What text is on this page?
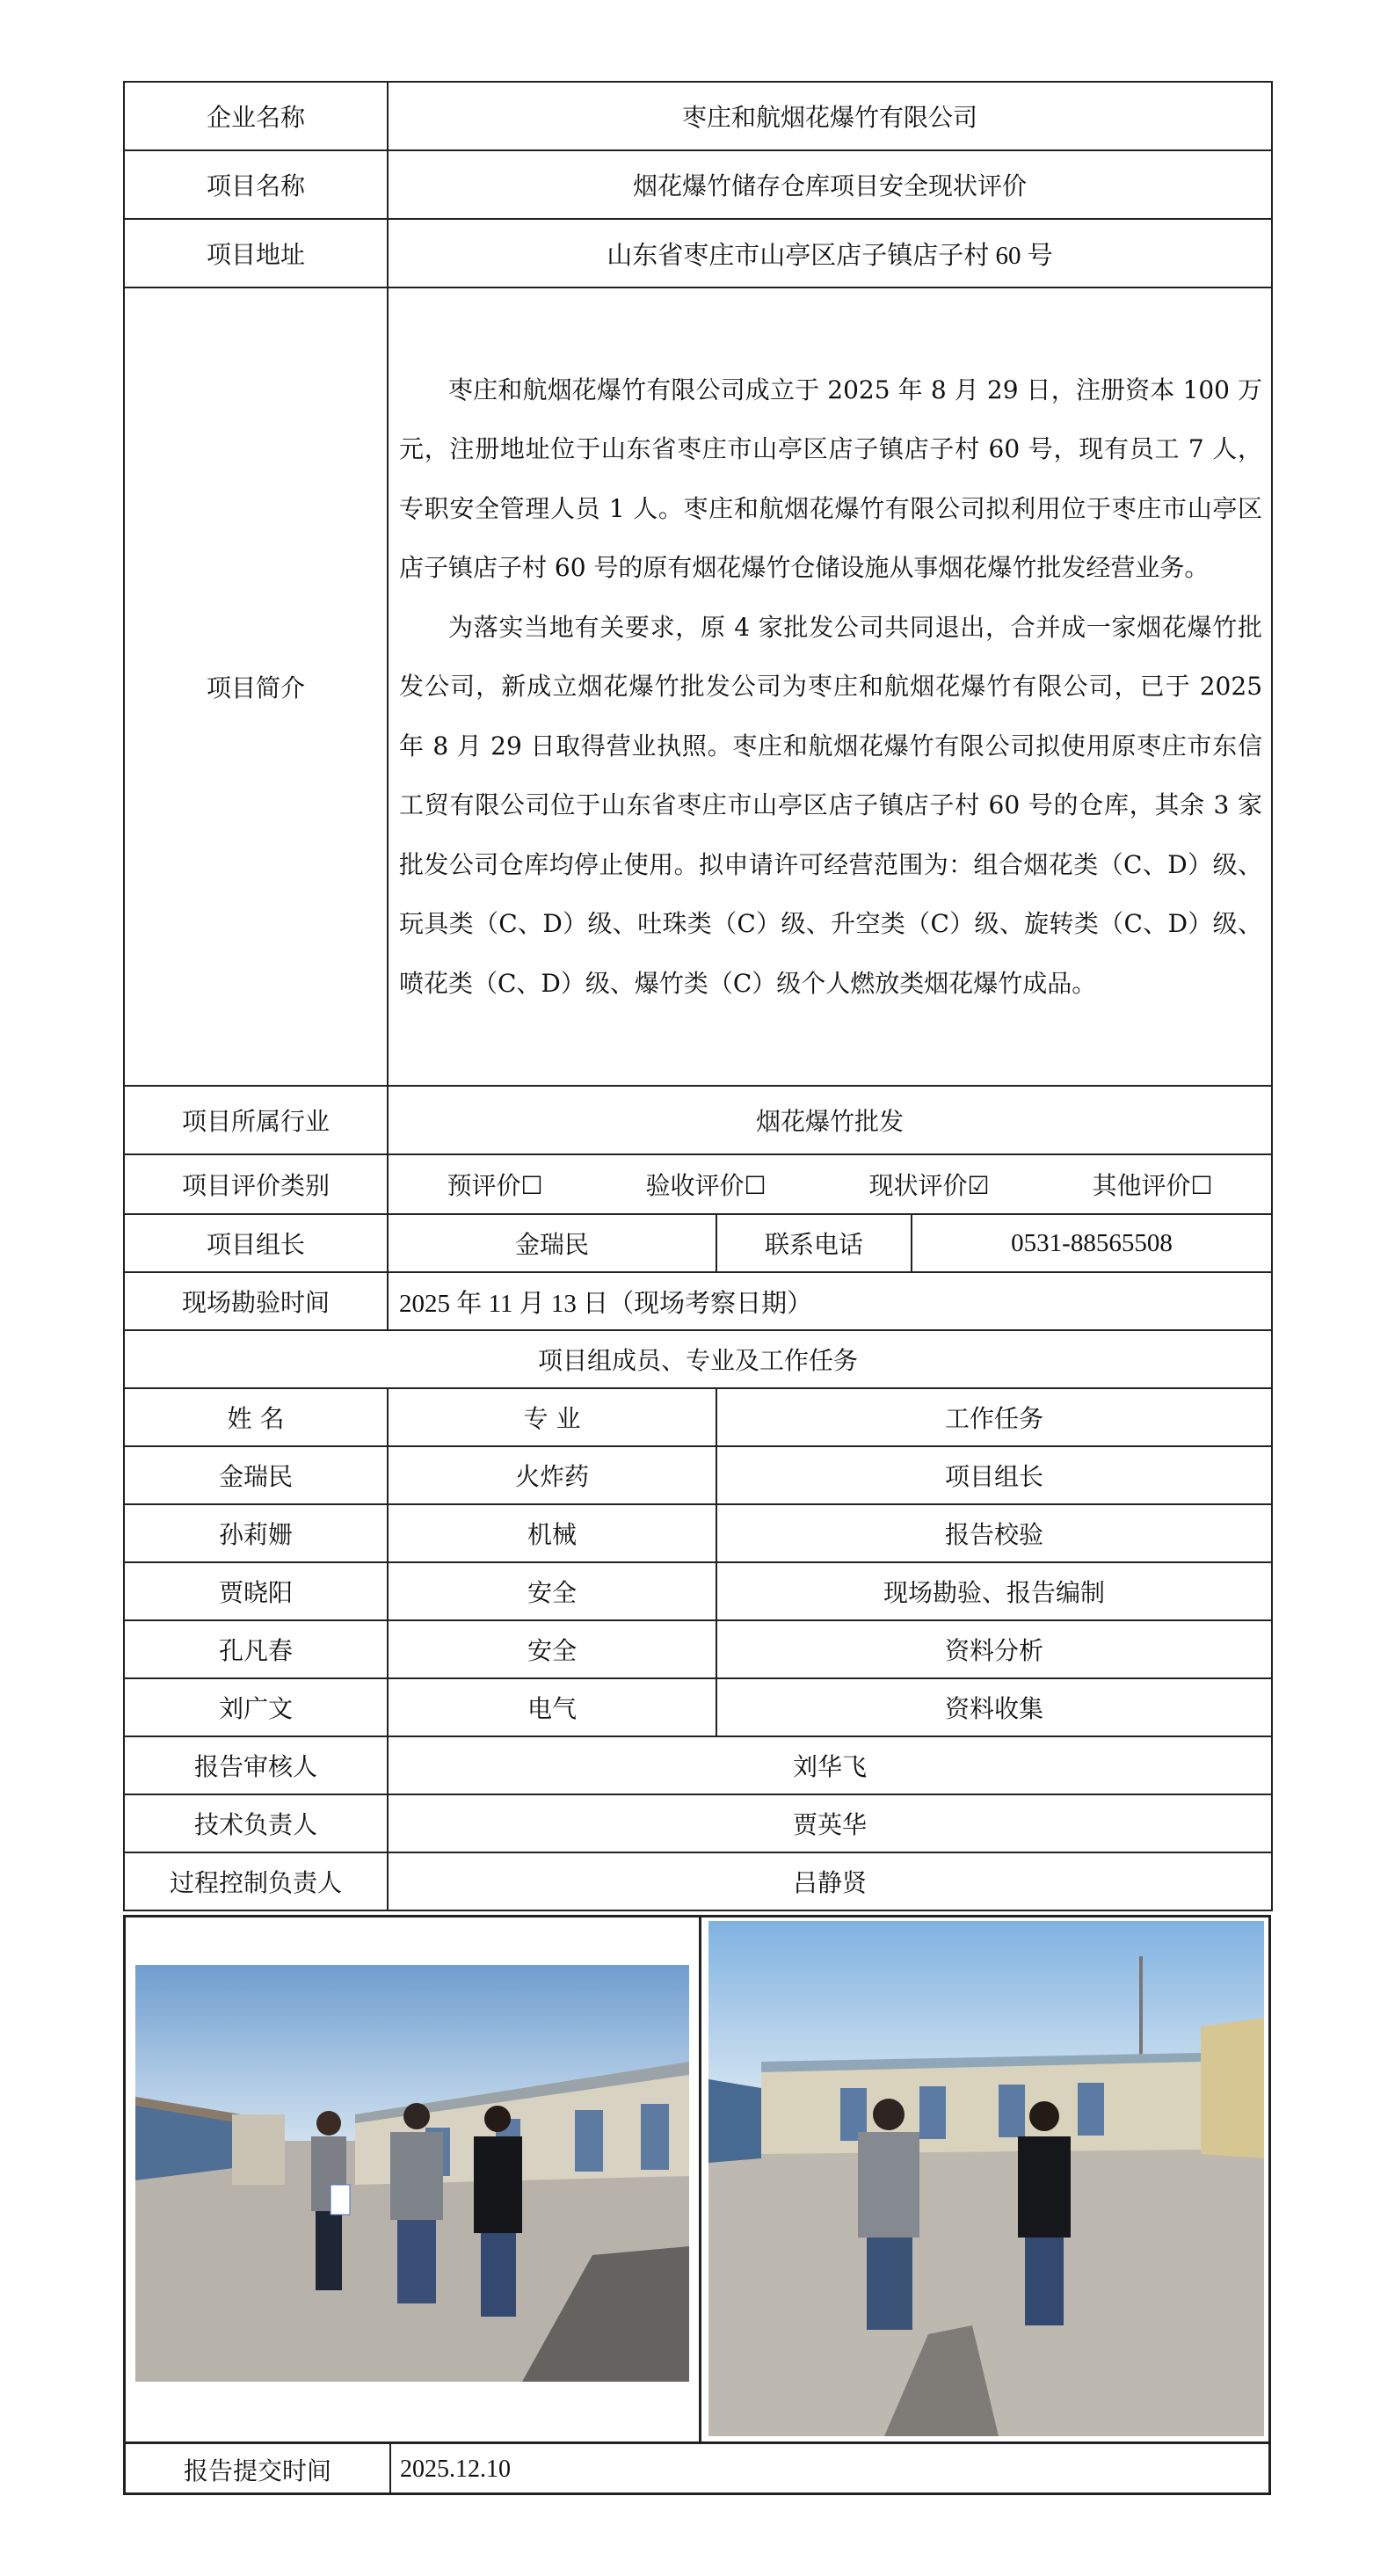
企业名称	枣庄和航烟花爆竹有限公司		
项目名称	烟花爆竹储存仓库项目安全现状评价		
项目地址	山东省枣庄市山亭区店子镇店子村 60 号		
项目简介	枣庄和航烟花爆竹有限公司成立于 2025 年 8 月 29 日，注册资本 100 万元，注册地址位于山东省枣庄市山亭区店子镇店子村 60 号，现有员工 7 人，专职安全管理人员 1 人。枣庄和航烟花爆竹有限公司拟利用位于枣庄市山亭区店子镇店子村 60 号的原有烟花爆竹仓储设施从事烟花爆竹批发经营业务。

为落实当地有关要求，原 4 家批发公司共同退出，合并成一家烟花爆竹批发公司，新成立烟花爆竹批发公司为枣庄和航烟花爆竹有限公司，已于 2025 年 8 月 29 日取得营业执照。枣庄和航烟花爆竹有限公司拟使用原枣庄市东信工贸有限公司位于山东省枣庄市山亭区店子镇店子村 60 号的仓库，其余 3 家批发公司仓库均停止使用。拟申请许可经营范围为：组合烟花类（C、D）级、玩具类（C、D）级、吐珠类（C）级、升空类（C）级、旋转类（C、D）级、喷花类（C、D）级、爆竹类（C）级个人燃放类烟花爆竹成品。		

项目所属行业	烟花爆竹批发		
项目评价类别	预评价☐ 验收评价☐ 现状评价☑ 其他评价☐		

项目组长	金瑞民	联系电话	0531-88565508
现场勘验时间	2025 年 11 月 13 日（现场考察日期）		
项目组成员、专业及工作任务			
姓 名	专 业	工作任务	
金瑞民	火炸药	项目组长	
孙莉姗	机械	报告校验	
贾晓阳	安全	现场勘验、报告编制	
孔凡春	安全	资料分析	
刘广文	电气	资料收集	
报告审核人	刘华飞		
技术负责人	贾英华		
过程控制负责人	吕静贤		
报告提交时间	2025.12.10
